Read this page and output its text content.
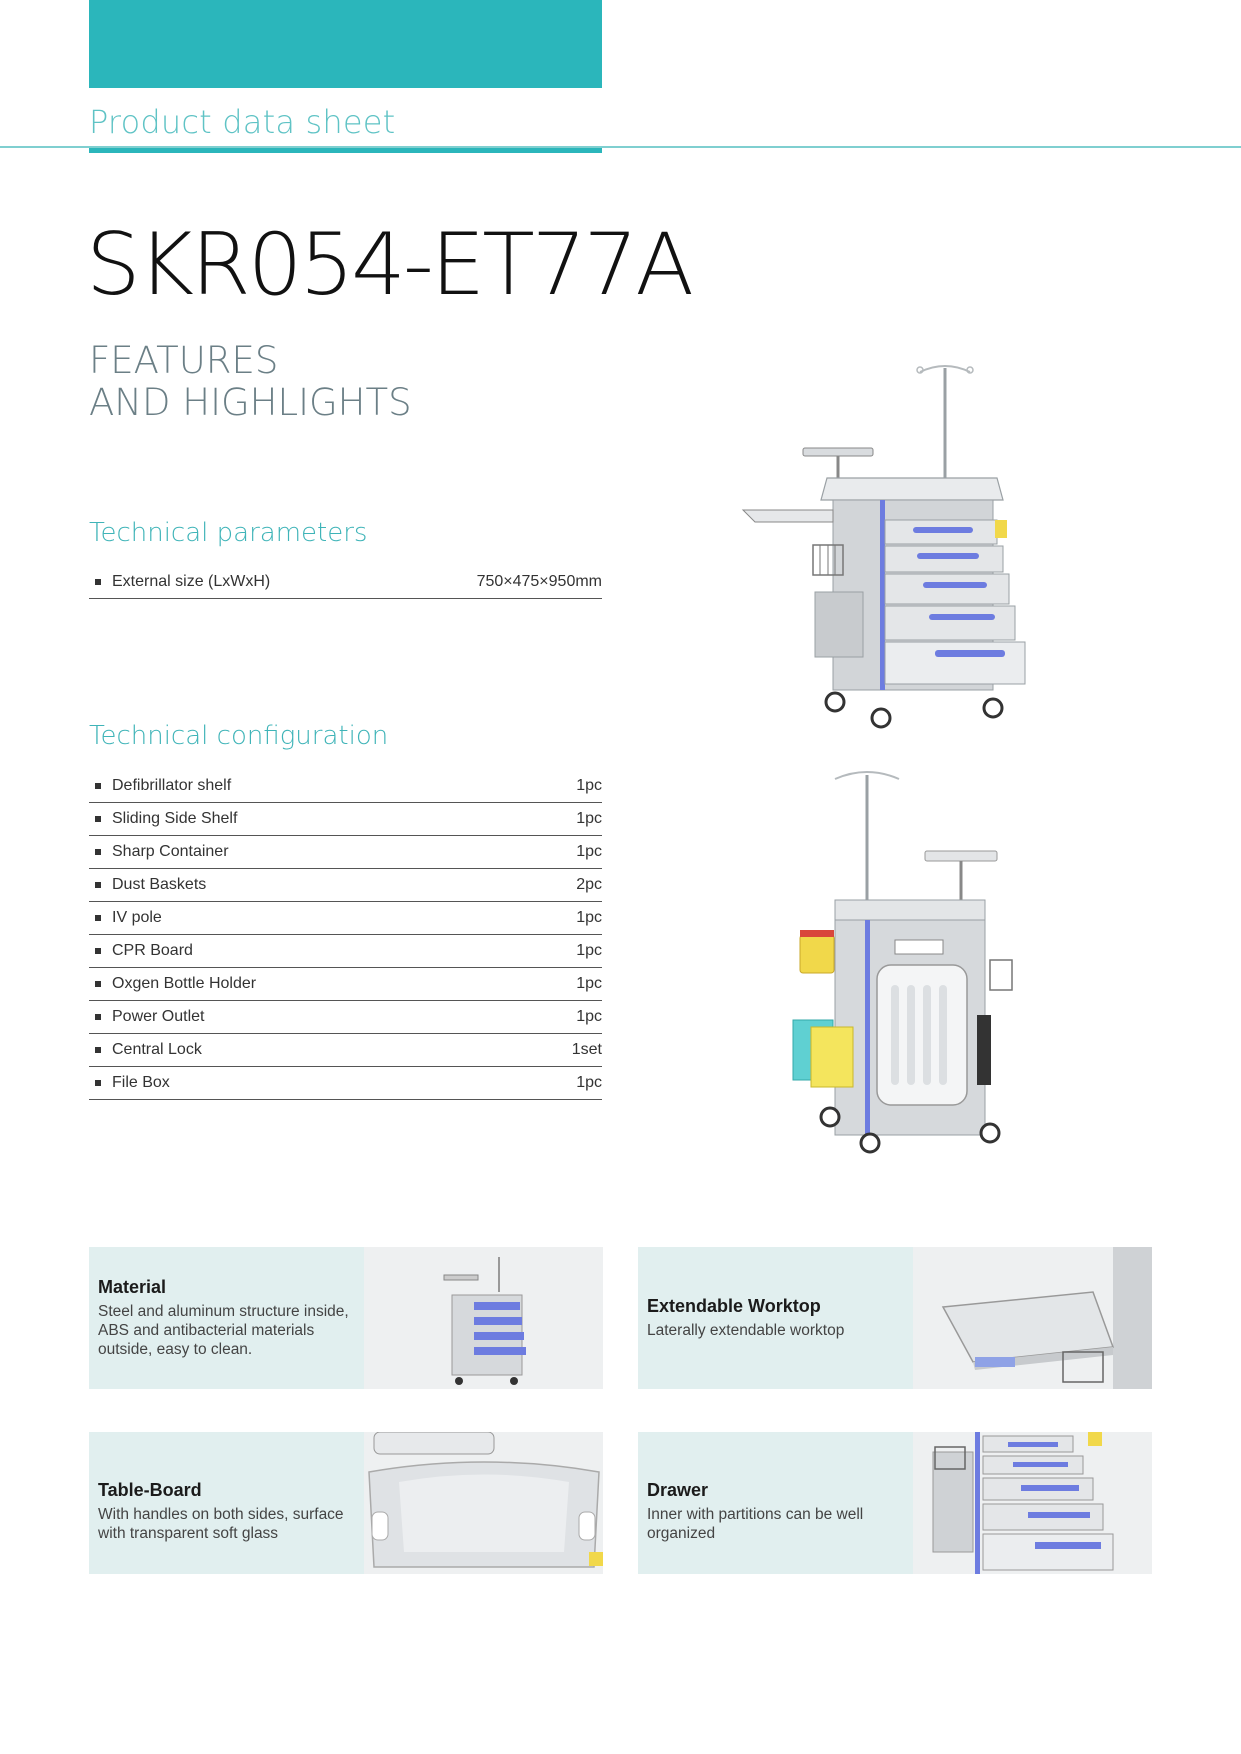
Product data sheet
SKR054-ET77A
FEATURES
AND HIGHLIGHTS
Technical parameters
External size (LxWxH)	750×475×950mm
Technical configuration
Defibrillator shelf	1pc
Sliding Side Shelf	1pc
Sharp Container	1pc
Dust Baskets	2pc
IV pole	1pc
CPR Board	1pc
Oxgen Bottle Holder	1pc
Power Outlet	1pc
Central Lock	1set
File Box	1pc
Material
Steel and aluminum structure inside, ABS and antibacterial materials outside, easy to clean.
Extendable Worktop
Laterally extendable worktop
Table-Board
With handles on both sides, surface with transparent soft glass
Drawer
Inner with partitions can be well organized
